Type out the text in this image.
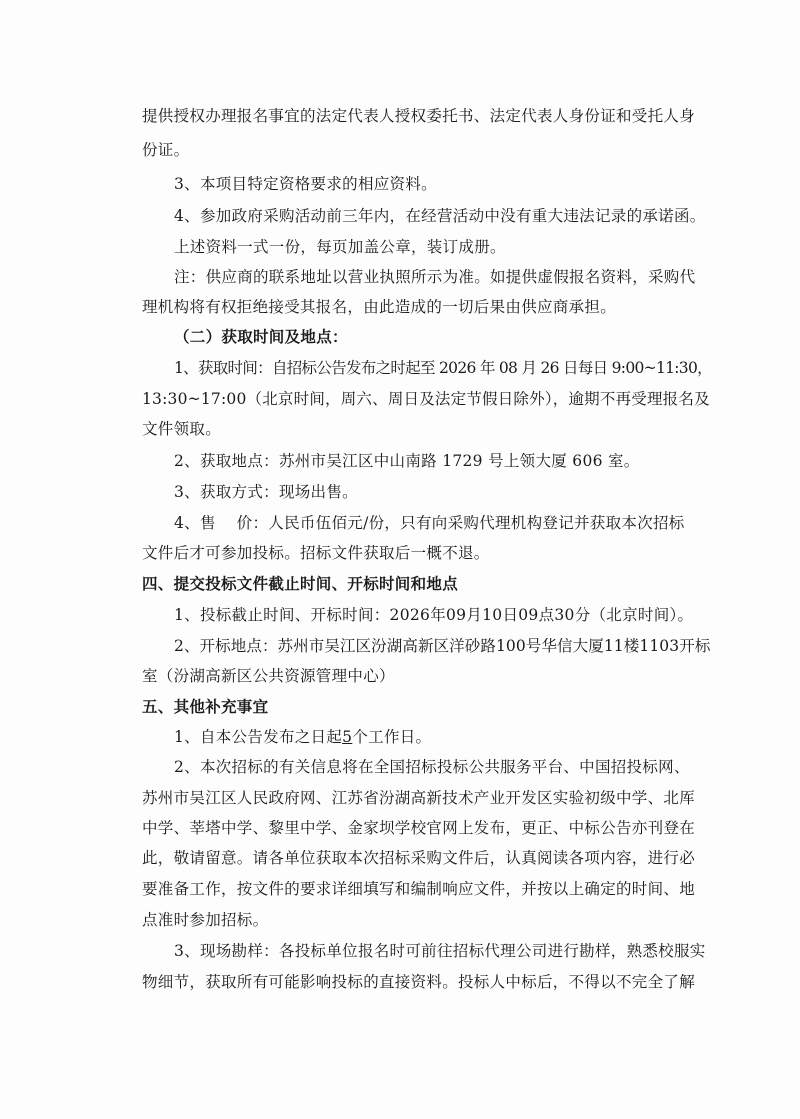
提供授权办理报名事宜的法定代表人授权委托书、法定代表人身份证和受托人身
份证。
3、本项目特定资格要求的相应资料。
4、参加政府采购活动前三年内，在经营活动中没有重大违法记录的承诺函。
上述资料一式一份，每页加盖公章，装订成册。
注：供应商的联系地址以营业执照所示为准。如提供虚假报名资料，采购代
理机构将有权拒绝接受其报名，由此造成的一切后果由供应商承担。
（二）获取时间及地点：
1、获取时间：自招标公告发布之时起至 2026 年 08 月 26 日每日 9:00~11:30，
13:30~17:00（北京时间，周六、周日及法定节假日除外），逾期不再受理报名及
文件领取。
2、获取地点：苏州市吴江区中山南路 1729 号上领大厦 606 室。
3、获取方式：现场出售。
4、售    价：人民币伍佰元/份，只有向采购代理机构登记并获取本次招标
文件后才可参加投标。招标文件获取后一概不退。
四、提交投标文件截止时间、开标时间和地点
1、投标截止时间、开标时间：2026年09月10日09点30分（北京时间）。
2、开标地点：苏州市吴江区汾湖高新区洋砂路100号华信大厦11楼1103开标
室（汾湖高新区公共资源管理中心）
五、其他补充事宜
1、自本公告发布之日起5个工作日。
2、本次招标的有关信息将在全国招标投标公共服务平台、中国招投标网、
苏州市吴江区人民政府网、江苏省汾湖高新技术产业开发区实验初级中学、北厍
中学、莘塔中学、黎里中学、金家坝学校官网上发布，更正、中标公告亦刊登在
此，敬请留意。请各单位获取本次招标采购文件后，认真阅读各项内容，进行必
要准备工作，按文件的要求详细填写和编制响应文件，并按以上确定的时间、地
点准时参加招标。
3、现场勘样：各投标单位报名时可前往招标代理公司进行勘样，熟悉校服实
物细节，获取所有可能影响投标的直接资料。投标人中标后，不得以不完全了解
